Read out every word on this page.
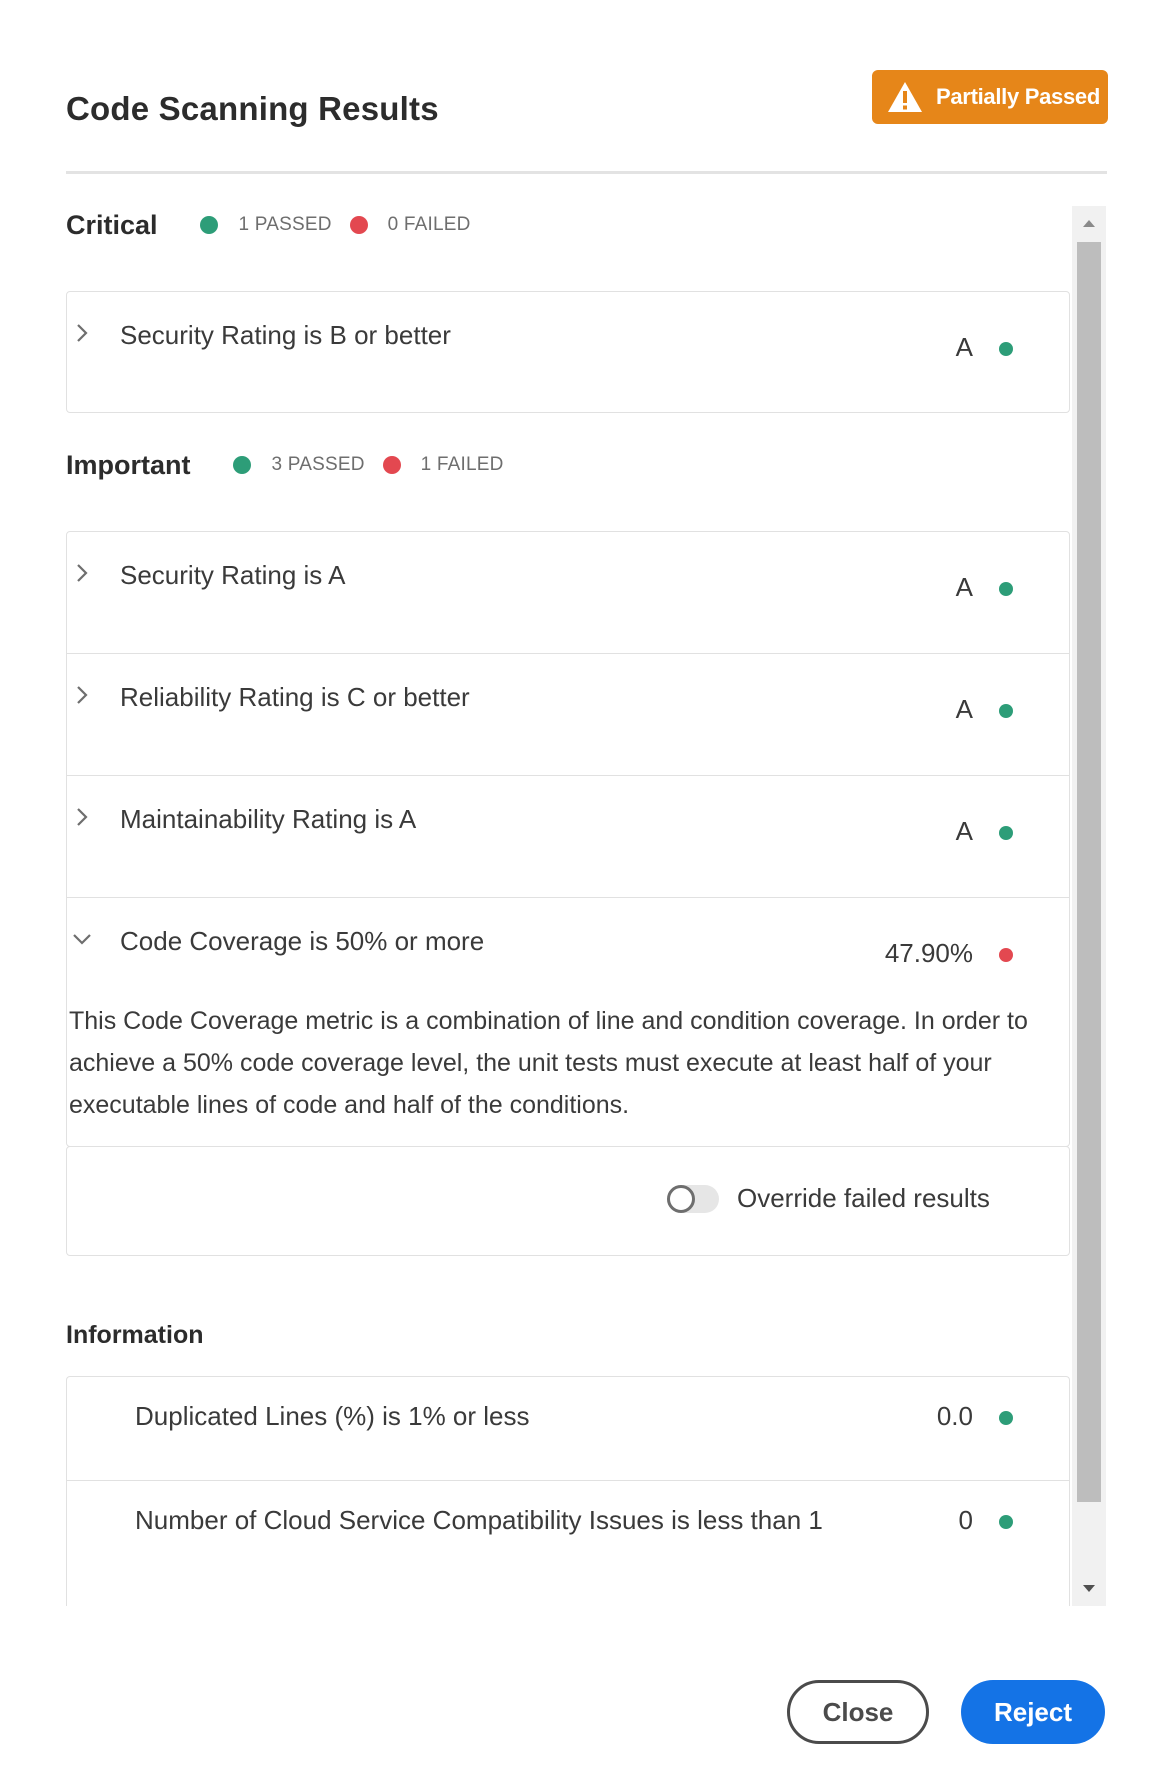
Code Scanning Results	Partially Passed
Critical	1 PASSED	0 FAILED
Security Rating is B or better	A
Important	3 PASSED	1 FAILED
Security Rating is A	A
Reliability Rating is C or better	A
Maintainability Rating is A	A
Code Coverage is 50% or more	47.90%
This Code Coverage metric is a combination of line and condition coverage. In order to
achieve a 50% code coverage level, the unit tests must execute at least half of your
executable lines of code and half of the conditions.
Override failed results
Information
Duplicated Lines (%) is 1% or less	0.0
Number of Cloud Service Compatibility Issues is less than 1	0
Close	Reject
